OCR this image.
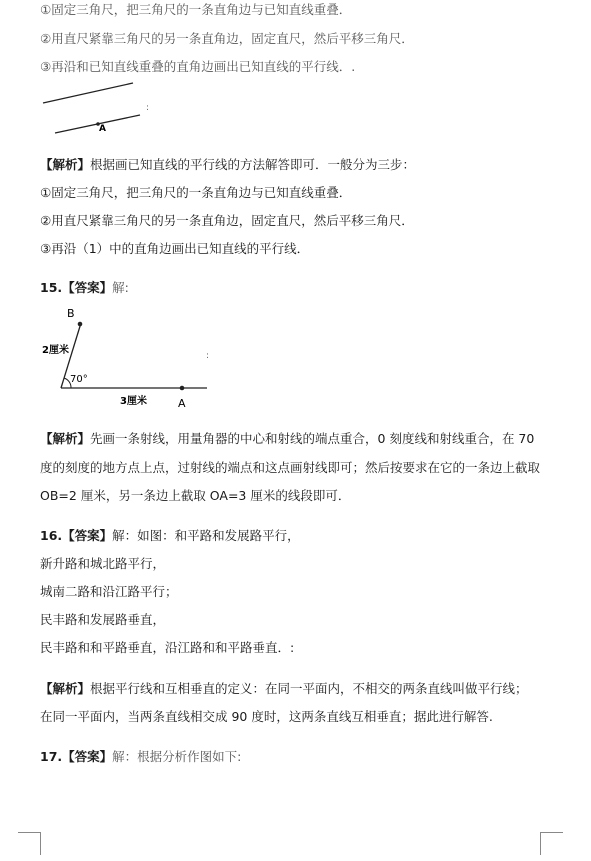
①固定三角尺，把三角尺的一条直角边与已知直线重叠．
②用直尺紧靠三角尺的另一条直角边，固定直尺，然后平移三角尺．
③再沿和已知直线重叠的直角边画出已知直线的平行线．.
A
:
【解析】根据画已知直线的平行线的方法解答即可．一般分为三步：
①固定三角尺，把三角尺的一条直角边与已知直线重叠．
②用直尺紧靠三角尺的另一条直角边，固定直尺，然后平移三角尺．
③再沿（1）中的直角边画出已知直线的平行线．
15.【答案】解:
B
A
2厘米
3厘米
70°
:
【解析】先画一条射线，用量角器的中心和射线的端点重合，0 刻度线和射线重合，在 70
度的刻度的地方点上点，过射线的端点和这点画射线即可；然后按要求在它的一条边上截取
OB=2 厘米，另一条边上截取 OA=3 厘米的线段即可．
16.【答案】解：如图：和平路和发展路平行，
新升路和城北路平行，
城南二路和沿江路平行；
民丰路和发展路垂直，
民丰路和和平路垂直，沿江路和和平路垂直．:
【解析】根据平行线和互相垂直的定义：在同一平面内，不相交的两条直线叫做平行线；
在同一平面内，当两条直线相交成 90 度时，这两条直线互相垂直；据此进行解答.
17.【答案】解：根据分析作图如下:
